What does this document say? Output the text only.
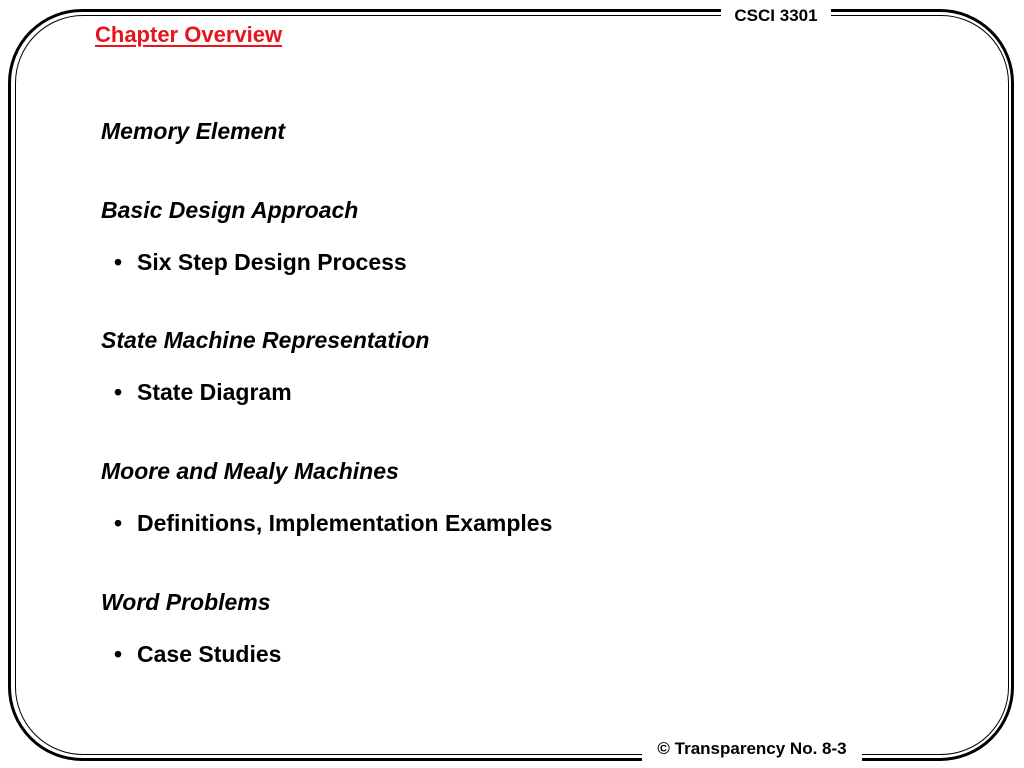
CSCI 3301
© Transparency No. 8-3
Chapter Overview
Memory Element
Basic Design Approach
• Six Step Design Process
State Machine Representation
• State Diagram
Moore and Mealy Machines
• Definitions, Implementation Examples
Word Problems
• Case Studies
